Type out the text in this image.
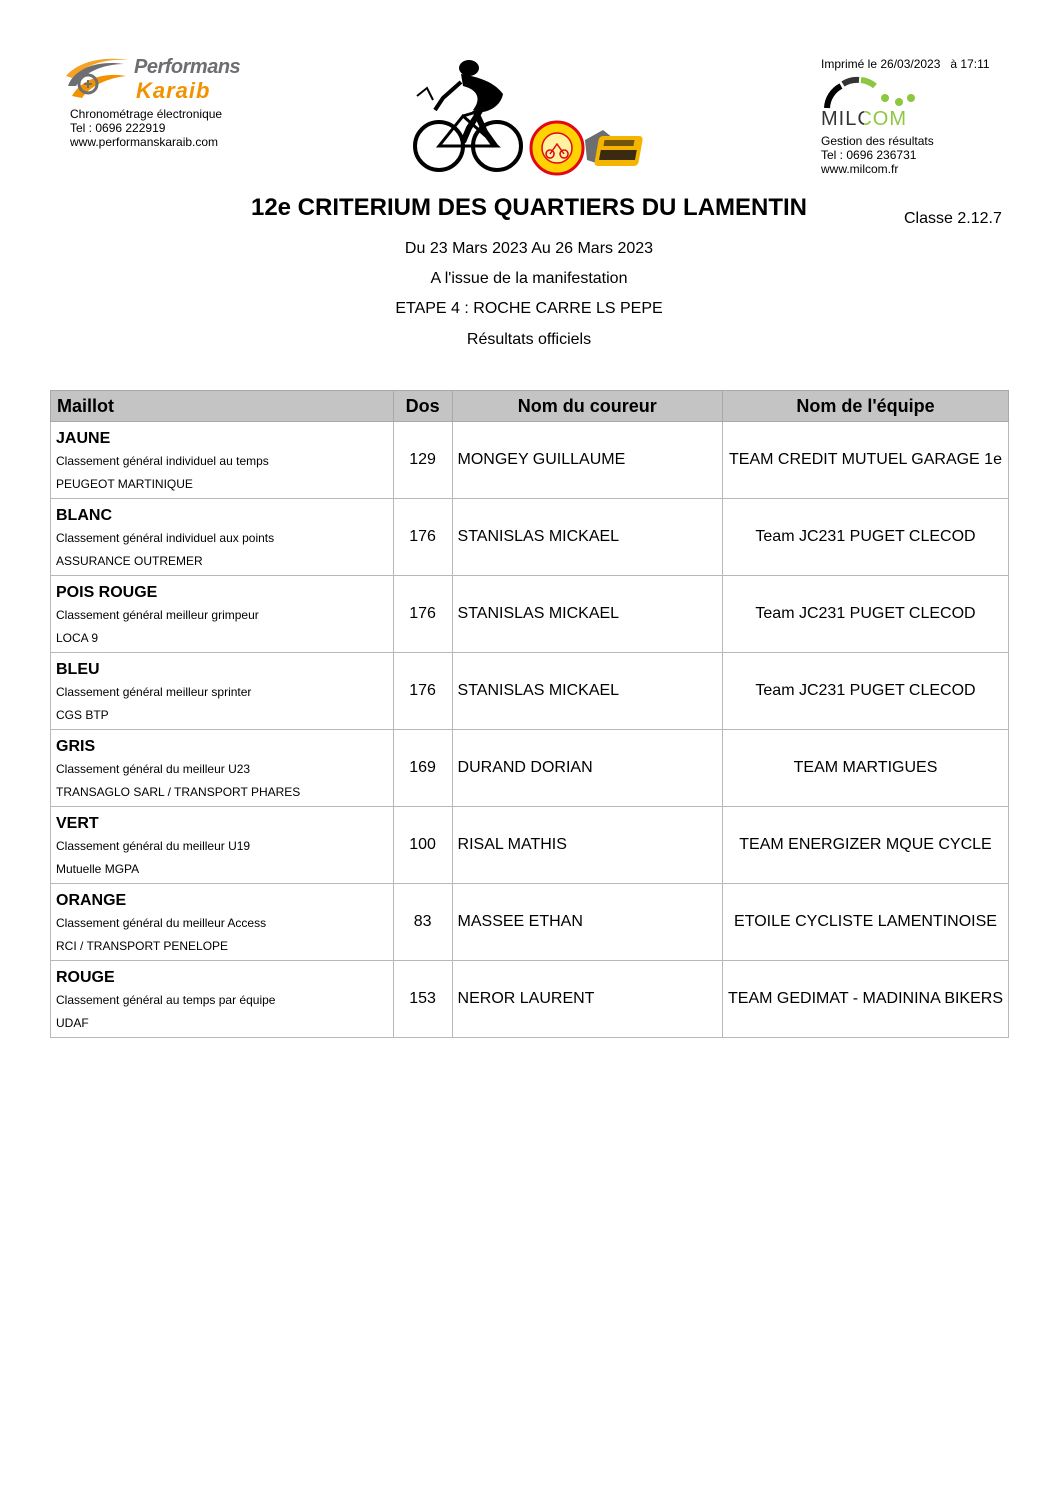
Performans
Karaib
Chronométrage électronique
Tel : 0696 222919
www.performanskaraib.com
Imprimé le 26/03/2023   à 17:11
MILCOM
Gestion des résultats
Tel : 0696 236731
www.milcom.fr
12e CRITERIUM DES QUARTIERS DU LAMENTIN	Classe 2.12.7
Du 23 Mars 2023 Au 26 Mars 2023
A l'issue de la manifestation
ETAPE 4 : ROCHE CARRE LS PEPE
Résultats officiels
Maillot	Dos	Nom du coureur	Nom de l'équipe

JAUNE
Classement général individuel au temps
PEUGEOT MARTINIQUE	129	MONGEY GUILLAUME	TEAM CREDIT MUTUEL GARAGE 1e

BLANC
Classement général individuel aux points
ASSURANCE OUTREMER	176	STANISLAS MICKAEL	Team JC231 PUGET CLECOD

POIS ROUGE
Classement général meilleur grimpeur
LOCA 9	176	STANISLAS MICKAEL	Team JC231 PUGET CLECOD

BLEU
Classement général meilleur sprinter
CGS BTP	176	STANISLAS MICKAEL	Team JC231 PUGET CLECOD

GRIS
Classement général du meilleur U23
TRANSAGLO SARL / TRANSPORT PHARES	169	DURAND DORIAN	TEAM MARTIGUES

VERT
Classement général du meilleur U19
Mutuelle MGPA	100	RISAL MATHIS	TEAM ENERGIZER MQUE CYCLE

ORANGE
Classement général du meilleur Access
RCI / TRANSPORT PENELOPE	83	MASSEE ETHAN	ETOILE CYCLISTE LAMENTINOISE

ROUGE
Classement général au temps par équipe
UDAF	153	NEROR LAURENT	TEAM GEDIMAT - MADININA BIKERS
